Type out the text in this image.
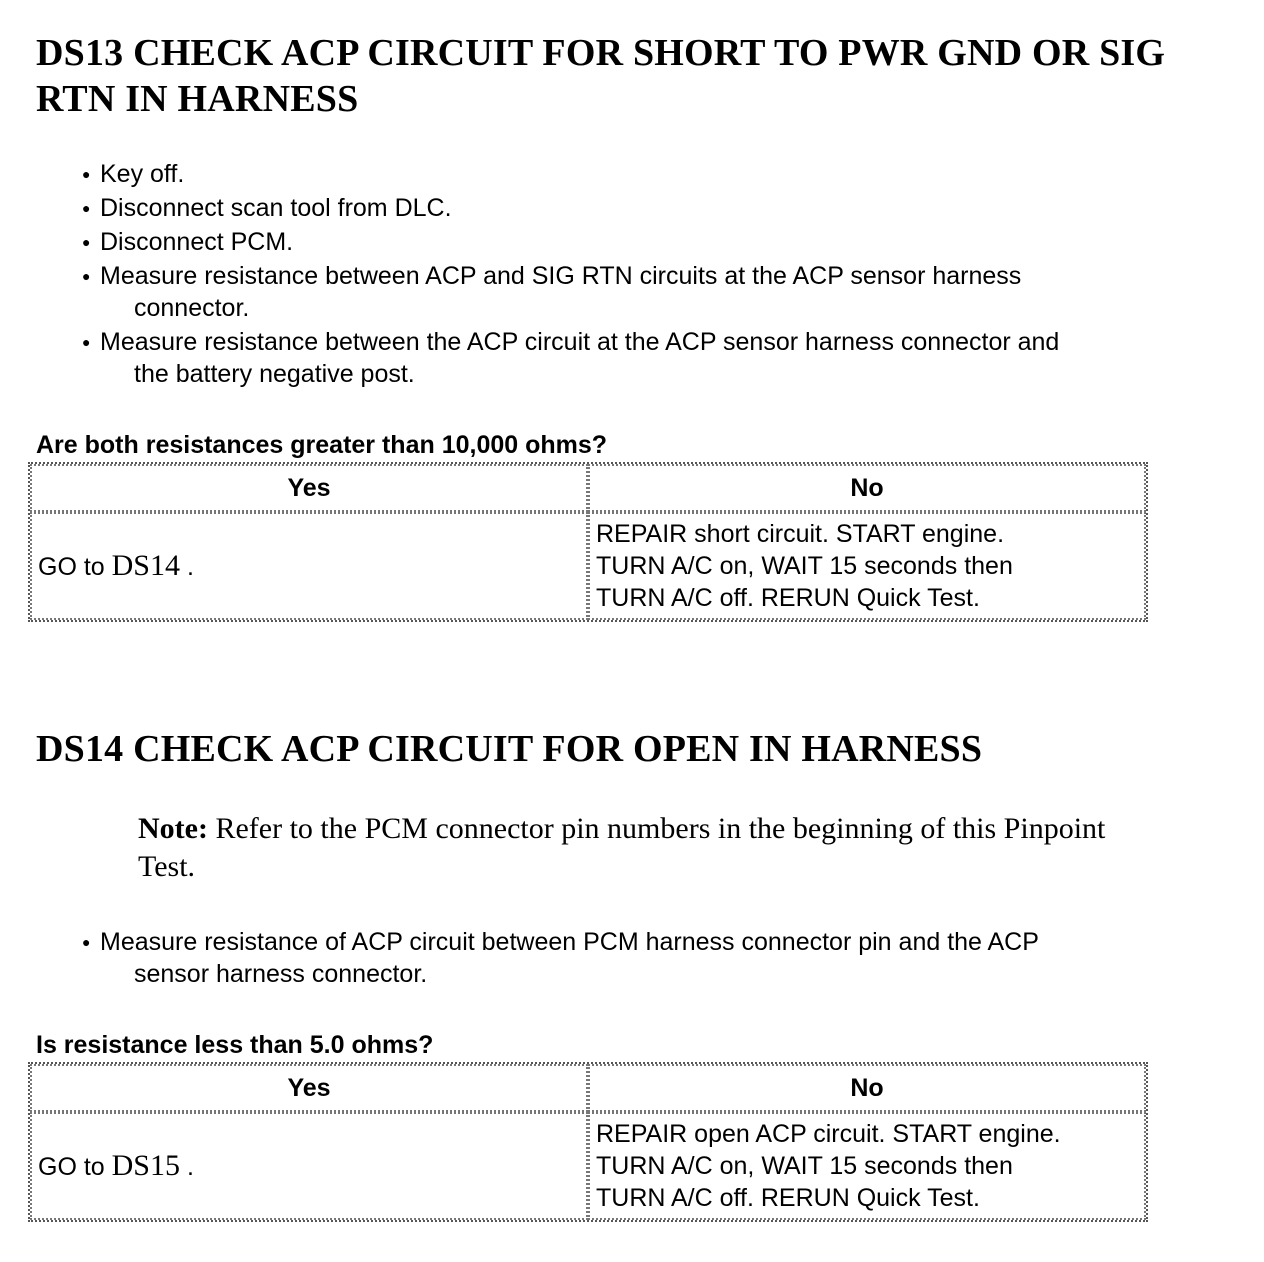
DS13 CHECK ACP CIRCUIT FOR SHORT TO PWR GND OR SIG RTN IN HARNESS
● Key off.
● Disconnect scan tool from DLC.
● Disconnect PCM.
● Measure resistance between ACP and SIG RTN circuits at the ACP sensor harness
connector.
● Measure resistance between the ACP circuit at the ACP sensor harness connector and
the battery negative post.
Are both resistances greater than 10,000 ohms?
Yes	No
GO to DS14 .	REPAIR short circuit. START engine.
TURN A/C on, WAIT 15 seconds then
TURN A/C off. RERUN Quick Test.
DS14 CHECK ACP CIRCUIT FOR OPEN IN HARNESS
Note: Refer to the PCM connector pin numbers in the beginning of this Pinpoint
Test.
● Measure resistance of ACP circuit between PCM harness connector pin and the ACP
sensor harness connector.
Is resistance less than 5.0 ohms?
Yes	No
GO to DS15 .	REPAIR open ACP circuit. START engine.
TURN A/C on, WAIT 15 seconds then
TURN A/C off. RERUN Quick Test.
